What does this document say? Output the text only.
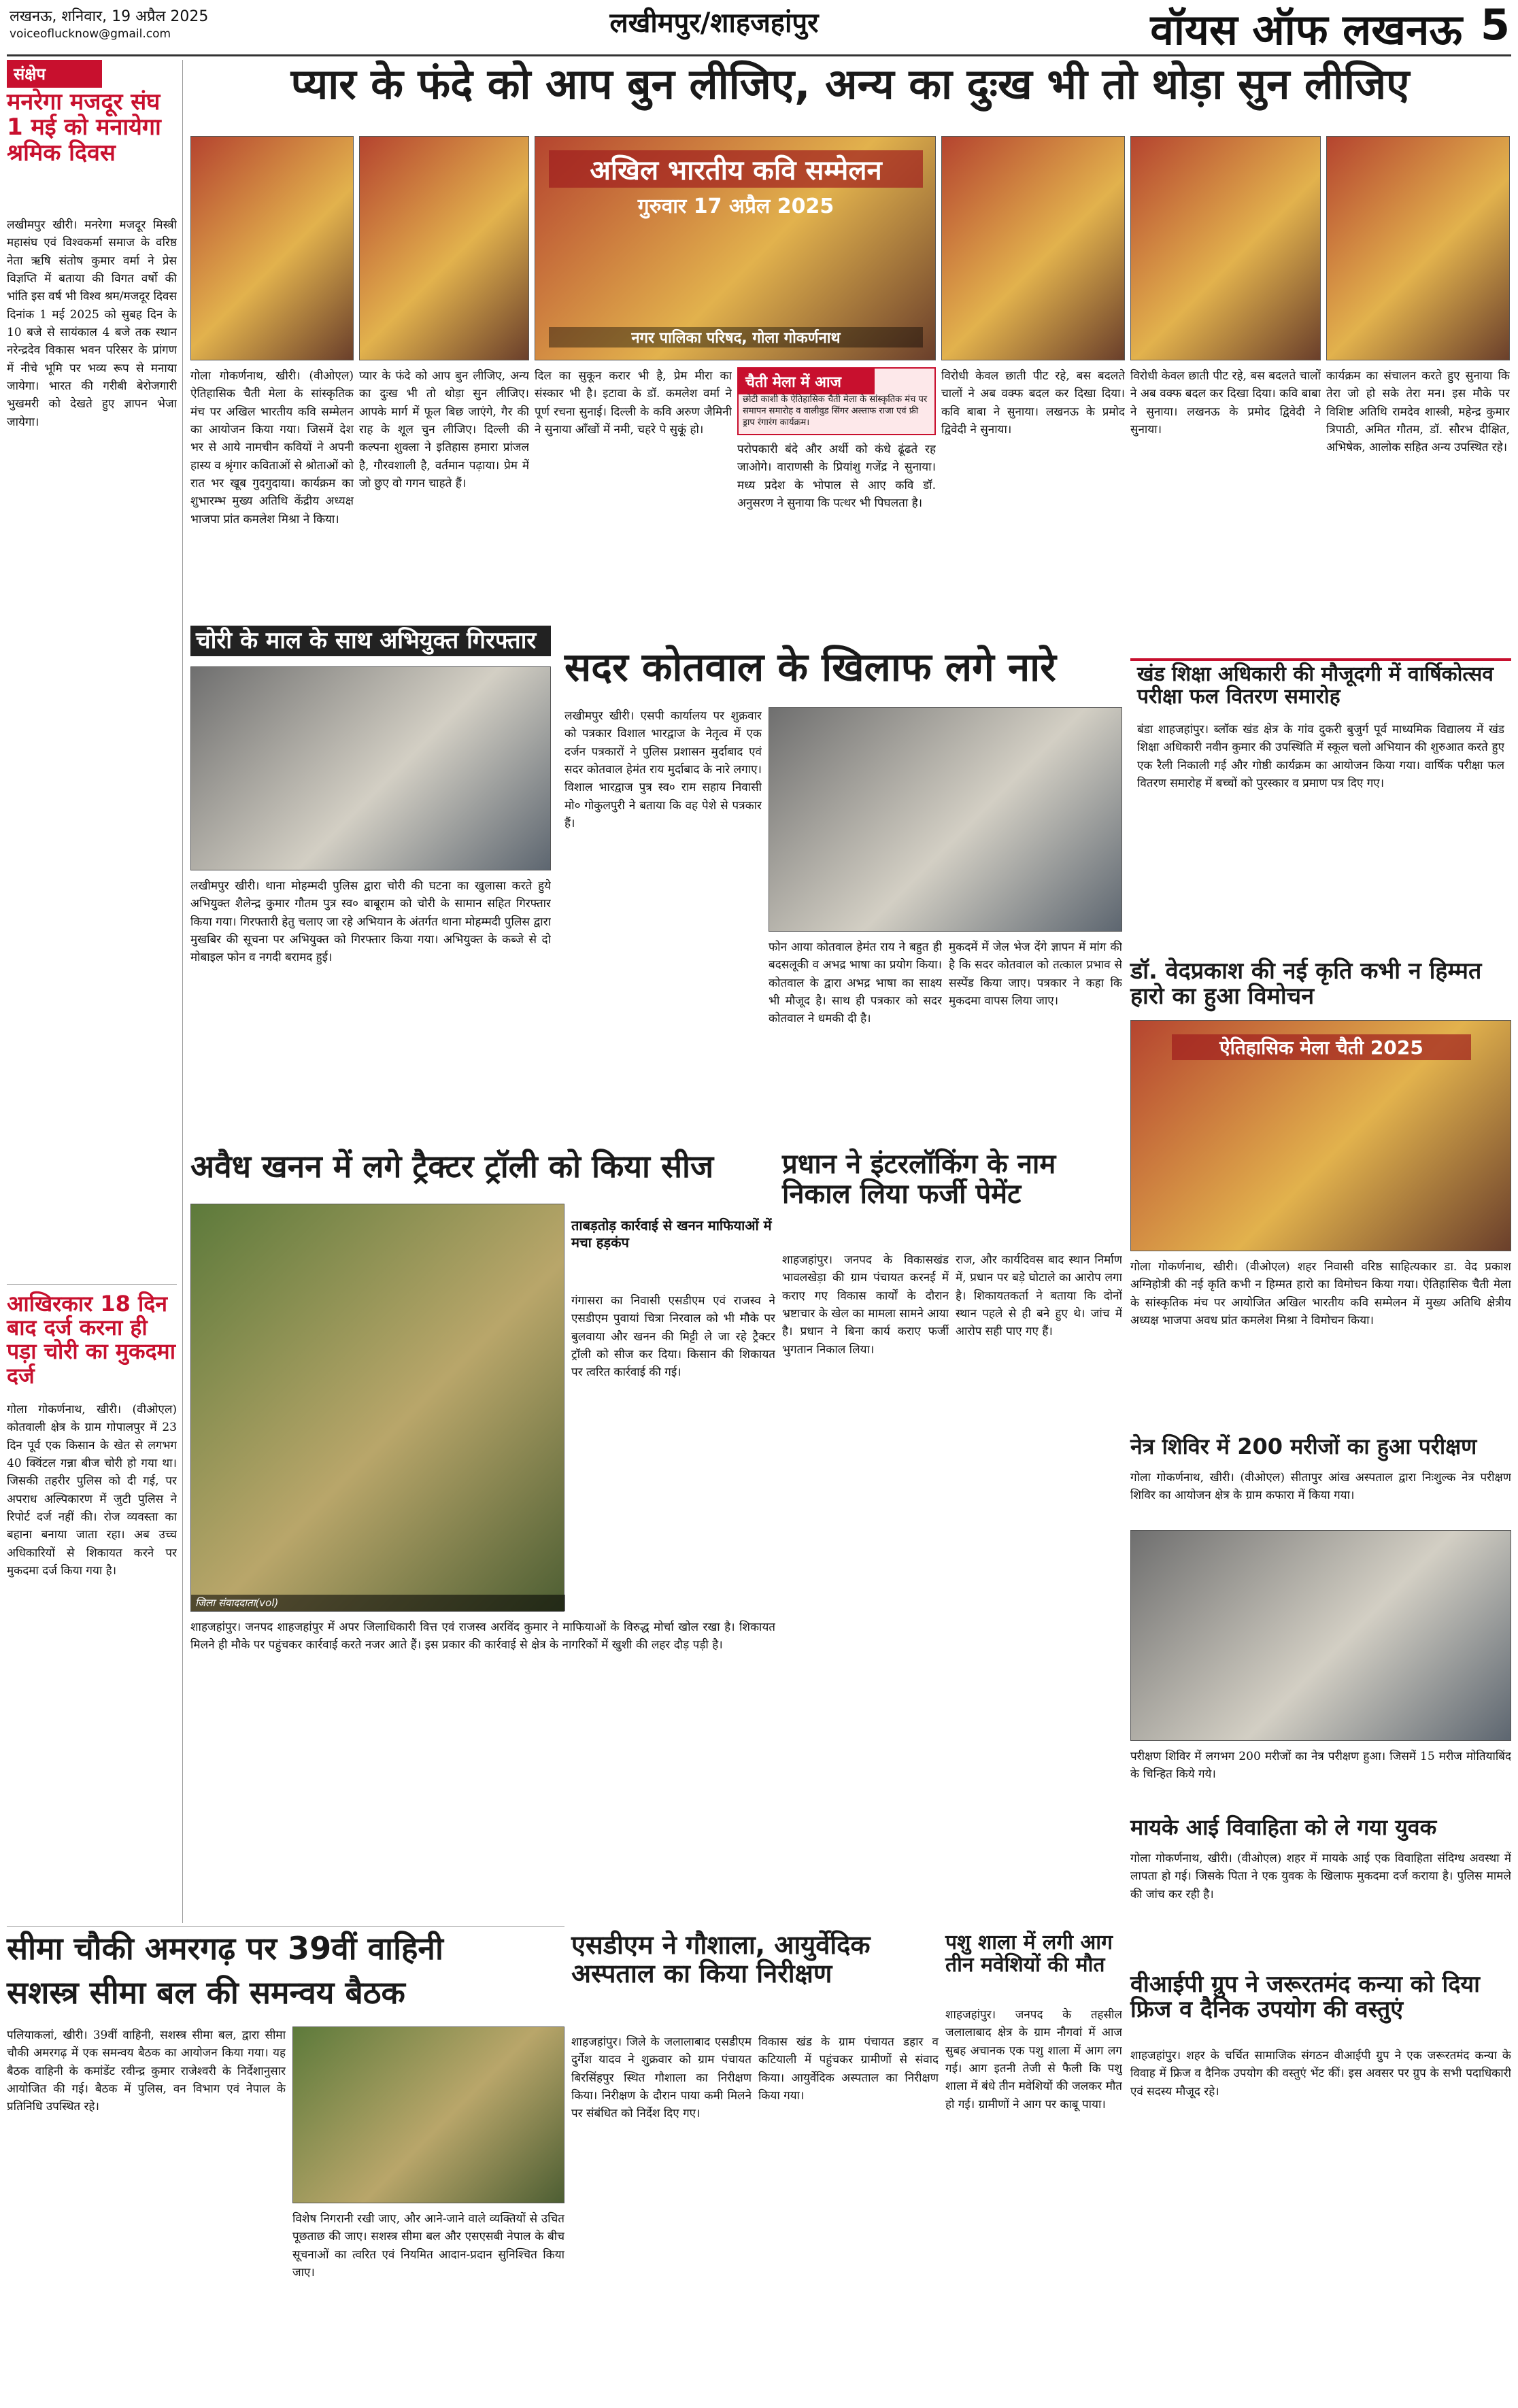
लखनऊ, शनिवार, 19 अप्रैल 2025
voiceoflucknow@gmail.com	लखीमपुर/शाहजहांपुर	वॉयस ऑफ लखनऊ 5
संक्षेप
मनरेगा मजदूर संघ 1 मई को मनायेगा श्रमिक दिवस
लखीमपुर खीरी। मनरेगा मजदूर मिस्त्री महासंघ एवं विश्वकर्मा समाज के वरिष्ठ नेता ऋषि संतोष कुमार वर्मा ने प्रेस विज्ञप्ति में बताया की विगत वर्षो की भांति इस वर्ष भी विश्व श्रम/मजदूर दिवस दिनांक 1 मई 2025 को सुबह दिन के 10 बजे से सायंकाल 4 बजे तक स्थान नरेन्द्रदेव विकास भवन परिसर के प्रांगण में नीचे भूमि पर भव्य रूप से मनाया जायेगा। भारत की गरीबी बेरोजगारी भुखमरी को देखते हुए ज्ञापन भेजा जायेगा।
आखिरकार 18 दिन बाद दर्ज करना ही पड़ा चोरी का मुकदमा दर्ज
गोला गोकर्णनाथ, खीरी। (वीओएल) कोतवाली क्षेत्र के ग्राम गोपालपुर में 23 दिन पूर्व एक किसान के खेत से लगभग 40 क्विंटल गन्ना बीज चोरी हो गया था। जिसकी तहरीर पुलिस को दी गई, पर अपराध अल्पिकारण में जुटी पुलिस ने रिपोर्ट दर्ज नहीं की। रोज व्यवस्ता का बहाना बनाया जाता रहा। अब उच्च अधिकारियों से शिकायत करने पर मुकदमा दर्ज किया गया है।
प्यार के फंदे को आप बुन लीजिए, अन्य का दुःख भी तो थोड़ा सुन लीजिए
अखिल भारतीय कवि सम्मेलन
गुरुवार 17 अप्रैल 2025
नगर पालिका परिषद, गोला गोकर्णनाथ
गोला गोकर्णनाथ, खीरी। (वीओएल) ऐतिहासिक चैती मेला के सांस्कृतिक मंच पर अखिल भारतीय कवि सम्मेलन का आयोजन किया गया। जिसमें देश भर से आये नामचीन कवियों ने अपनी हास्य व श्रृंगार कविताओं से श्रोताओं को रात भर खूब गुदगुदाया। कार्यक्रम का शुभारम्भ मुख्य अतिथि केंद्रीय अध्यक्ष भाजपा प्रांत कमलेश मिश्रा ने किया।
प्यार के फंदे को आप बुन लीजिए, अन्य का दुःख भी तो थोड़ा सुन लीजिए। आपके मार्ग में फूल बिछ जाएंगे, गैर की राह के शूल चुन लीजिए। दिल्ली की कल्पना शुक्ला ने इतिहास हमारा प्रांजल है, गौरवशाली है, वर्तमान पढ़ाया। प्रेम में जो छुए वो गगन चाहते हैं।
दिल का सुकून करार भी है, प्रेम मीरा का संस्कार भी है। इटावा के डॉ. कमलेश वर्मा ने पूर्ण रचना सुनाई। दिल्ली के कवि अरुण जैमिनी ने सुनाया आँखों में नमी, चहरे पे सुकूं हो।
चैती मेला में आज
छोटी काशी के ऐतिहासिक चैती मेला के सांस्कृतिक मंच पर समापन समारोह व वालीवुड सिंगर अल्ताफ राजा एवं फ्री ड्राप रंगारंग कार्यक्रम।
परोपकारी बंदे और अर्थी को कंधे ढूंढते रह जाओगे। वाराणसी के प्रियांशु गजेंद्र ने सुनाया। मध्य प्रदेश के भोपाल से आए कवि डॉ. अनुसरण ने सुनाया कि पत्थर भी पिघलता है।
विरोधी केवल छाती पीट रहे, बस बदलते चालों ने अब वक्फ बदल कर दिखा दिया। कवि बाबा ने सुनाया। लखनऊ के प्रमोद द्विवेदी ने सुनाया।
विरोधी केवल छाती पीट रहे, बस बदलते चालों ने अब वक्फ बदल कर दिखा दिया। कवि बाबा ने सुनाया। लखनऊ के प्रमोद द्विवेदी ने सुनाया।
कार्यक्रम का संचालन करते हुए सुनाया कि तेरा जो हो सके तेरा मन। इस मौके पर विशिष्ट अतिथि रामदेव शास्त्री, महेन्द्र कुमार त्रिपाठी, अमित गौतम, डॉ. सौरभ दीक्षित, अभिषेक, आलोक सहित अन्य उपस्थित रहे।
चोरी के माल के साथ अभियुक्त गिरफ्तार
लखीमपुर खीरी। थाना मोहम्मदी पुलिस द्वारा चोरी की घटना का खुलासा करते हुये अभियुक्त शैलेन्द्र कुमार गौतम पुत्र स्व० बाबूराम को चोरी के सामान सहित गिरफ्तार किया गया। गिरफ्तारी हेतु चलाए जा रहे अभियान के अंतर्गत थाना मोहम्मदी पुलिस द्वारा मुखबिर की सूचना पर अभियुक्त को गिरफ्तार किया गया। अभियुक्त के कब्जे से दो मोबाइल फोन व नगदी बरामद हुई।
सदर कोतवाल के खिलाफ लगे नारे
लखीमपुर खीरी। एसपी कार्यालय पर शुक्रवार को पत्रकार विशाल भारद्वाज के नेतृत्व में एक दर्जन पत्रकारों ने पुलिस प्रशासन मुर्दाबाद एवं सदर कोतवाल हेमंत राय मुर्दाबाद के नारे लगाए। विशाल भारद्वाज पुत्र स्व० राम सहाय निवासी मो० गोकुलपुरी ने बताया कि वह पेशे से पत्रकार हैं।
फोन आया कोतवाल हेमंत राय ने बहुत ही बदसलूकी व अभद्र भाषा का प्रयोग किया। कोतवाल के द्वारा अभद्र भाषा का साक्ष्य भी मौजूद है। साथ ही पत्रकार को सदर कोतवाल ने धमकी दी है।
मुकदमें में जेल भेज देंगे ज्ञापन में मांग की है कि सदर कोतवाल को तत्काल प्रभाव से सस्पेंड किया जाए। पत्रकार ने कहा कि मुकदमा वापस लिया जाए।
खंड शिक्षा अधिकारी की मौजूदगी में वार्षिकोत्सव परीक्षा फल वितरण समारोह
बंडा शाहजहांपुर। ब्लॉक खंड क्षेत्र के गांव दुकरी बुजुर्ग पूर्व माध्यमिक विद्यालय में खंड शिक्षा अधिकारी नवीन कुमार की उपस्थिति में स्कूल चलो अभियान की शुरुआत करते हुए एक रैली निकाली गई और गोष्ठी कार्यक्रम का आयोजन किया गया। वार्षिक परीक्षा फल वितरण समारोह में बच्चों को पुरस्कार व प्रमाण पत्र दिए गए।
डॉ. वेदप्रकाश की नई कृति कभी न हिम्मत हारो का हुआ विमोचन
ऐतिहासिक मेला चैती 2025
गोला गोकर्णनाथ, खीरी। (वीओएल) शहर निवासी वरिष्ठ साहित्यकार डा. वेद प्रकाश अग्निहोत्री की नई कृति कभी न हिम्मत हारो का विमोचन किया गया। ऐतिहासिक चैती मेला के सांस्कृतिक मंच पर आयोजित अखिल भारतीय कवि सम्मेलन में मुख्य अतिथि क्षेत्रीय अध्यक्ष भाजपा अवध प्रांत कमलेश मिश्रा ने विमोचन किया।
नेत्र शिविर में 200 मरीजों का हुआ परीक्षण
गोला गोकर्णनाथ, खीरी। (वीओएल) सीतापुर आंख अस्पताल द्वारा निःशुल्क नेत्र परीक्षण शिविर का आयोजन क्षेत्र के ग्राम कफारा में किया गया।
परीक्षण शिविर में लगभग 200 मरीजों का नेत्र परीक्षण हुआ। जिसमें 15 मरीज मोतियाबिंद के चिन्हित किये गये।
अवैध खनन में लगे ट्रैक्टर ट्रॉली को किया सीज
जिला संवाददाता(vol)
ताबड़तोड़ कार्रवाई से खनन माफियाओं में मचा हड़कंप
गंगासरा का निवासी एसडीएम एवं राजस्व ने एसडीएम पुवायां चित्रा निरवाल को भी मौके पर बुलवाया और खनन की मिट्टी ले जा रहे ट्रैक्टर ट्रॉली को सीज कर दिया। किसान की शिकायत पर त्वरित कार्रवाई की गई।
शाहजहांपुर। जनपद शाहजहांपुर में अपर जिलाधिकारी वित्त एवं राजस्व अरविंद कुमार ने माफियाओं के विरुद्ध मोर्चा खोल रखा है। शिकायत मिलने ही मौके पर पहुंचकर कार्रवाई करते नजर आते हैं। इस प्रकार की कार्रवाई से क्षेत्र के नागरिकों में खुशी की लहर दौड़ पड़ी है।
प्रधान ने इंटरलॉकिंग के नाम निकाल लिया फर्जी पेमेंट
शाहजहांपुर। जनपद के विकासखंड भावलखेड़ा की ग्राम पंचायत करनई में कराए गए विकास कार्यों के दौरान भ्रष्टाचार के खेल का मामला सामने आया है। प्रधान ने बिना कार्य कराए फर्जी भुगतान निकाल लिया।
राज, और कार्यदिवस बाद स्थान निर्माण में, प्रधान पर बड़े घोटाले का आरोप लगा है। शिकायतकर्ता ने बताया कि दोनों स्थान पहले से ही बने हुए थे। जांच में आरोप सही पाए गए हैं।
मायके आई विवाहिता को ले गया युवक
गोला गोकर्णनाथ, खीरी। (वीओएल) शहर में मायके आई एक विवाहिता संदिग्ध अवस्था में लापता हो गई। जिसके पिता ने एक युवक के खिलाफ मुकदमा दर्ज कराया है। पुलिस मामले की जांच कर रही है।
वीआईपी ग्रुप ने जरूरतमंद कन्या को दिया फ्रिज व दैनिक उपयोग की वस्तुएं
शाहजहांपुर। शहर के चर्चित सामाजिक संगठन वीआईपी ग्रुप ने एक जरूरतमंद कन्या के विवाह में फ्रिज व दैनिक उपयोग की वस्तुएं भेंट कीं। इस अवसर पर ग्रुप के सभी पदाधिकारी एवं सदस्य मौजूद रहे।
सीमा चौकी अमरगढ़ पर 39वीं वाहिनी
सशस्त्र सीमा बल की समन्वय बैठक
पलियाकलां, खीरी। 39वीं वाहिनी, सशस्त्र सीमा बल, द्वारा सीमा चौकी अमरगढ़ में एक समन्वय बैठक का आयोजन किया गया। यह बैठक वाहिनी के कमांडेंट रवीन्द्र कुमार राजेश्वरी के निर्देशानुसार आयोजित की गई। बैठक में पुलिस, वन विभाग एवं नेपाल के प्रतिनिधि उपस्थित रहे।
विशेष निगरानी रखी जाए, और आने-जाने वाले व्यक्तियों से उचित पूछताछ की जाए। सशस्त्र सीमा बल और एसएसबी नेपाल के बीच सूचनाओं का त्वरित एवं नियमित आदान-प्रदान सुनिश्चित किया जाए।
एसडीएम ने गौशाला, आयुर्वेदिक अस्पताल का किया निरीक्षण
शाहजहांपुर। जिले के जलालाबाद एसडीएम दुर्गेश यादव ने शुक्रवार को ग्राम पंचायत बिरसिंहपुर स्थित गौशाला का निरीक्षण किया। निरीक्षण के दौरान पाया कमी मिलने पर संबंधित को निर्देश दिए गए।
विकास खंड के ग्राम पंचायत डहार व कटियाली में पहुंचकर ग्रामीणों से संवाद किया। आयुर्वेदिक अस्पताल का निरीक्षण किया गया।
पशु शाला में लगी आग तीन मवेशियों की मौत
शाहजहांपुर। जनपद के तहसील जलालाबाद क्षेत्र के ग्राम नौगवां में आज सुबह अचानक एक पशु शाला में आग लग गई। आग इतनी तेजी से फैली कि पशु शाला में बंधे तीन मवेशियों की जलकर मौत हो गई। ग्रामीणों ने आग पर काबू पाया।
